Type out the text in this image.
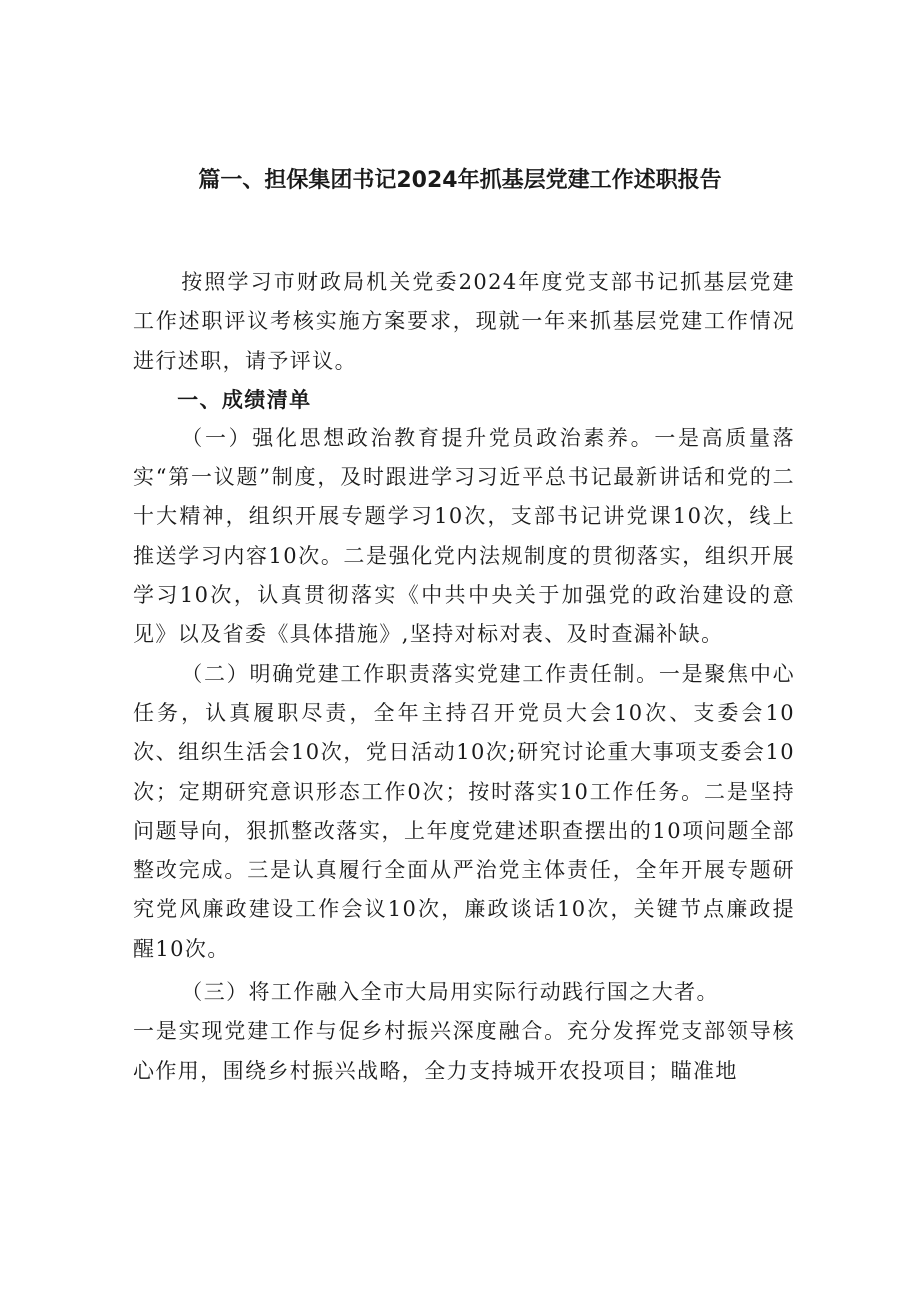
篇一、担保集团书记2024年抓基层党建工作述职报告

按照学习市财政局机关党委2024年度党支部书记抓基层党建工作述职评议考核实施方案要求，现就一年来抓基层党建工作情况进行述职，请予评议。

一、成绩清单

（一）强化思想政治教育提升党员政治素养。一是高质量落实“第一议题”制度，及时跟进学习习近平总书记最新讲话和党的二十大精神，组织开展专题学习10次，支部书记讲党课10次，线上推送学习内容10次。二是强化党内法规制度的贯彻落实，组织开展学习10次，认真贯彻落实《中共中央关于加强党的政治建设的意见》以及省委《具体措施》,坚持对标对表、及时查漏补缺。

（二）明确党建工作职责落实党建工作责任制。一是聚焦中心任务，认真履职尽责，全年主持召开党员大会10次、支委会10次、组织生活会10次，党日活动10次;研究讨论重大事项支委会10次；定期研究意识形态工作0次；按时落实10工作任务。二是坚持问题导向，狠抓整改落实，上年度党建述职查摆出的10项问题全部整改完成。三是认真履行全面从严治党主体责任，全年开展专题研究党风廉政建设工作会议10次，廉政谈话10次，关键节点廉政提醒10次。

（三）将工作融入全市大局用实际行动践行国之大者。

一是实现党建工作与促乡村振兴深度融合。充分发挥党支部领导核心作用，围绕乡村振兴战略，全力支持城开农投项目；瞄准地
